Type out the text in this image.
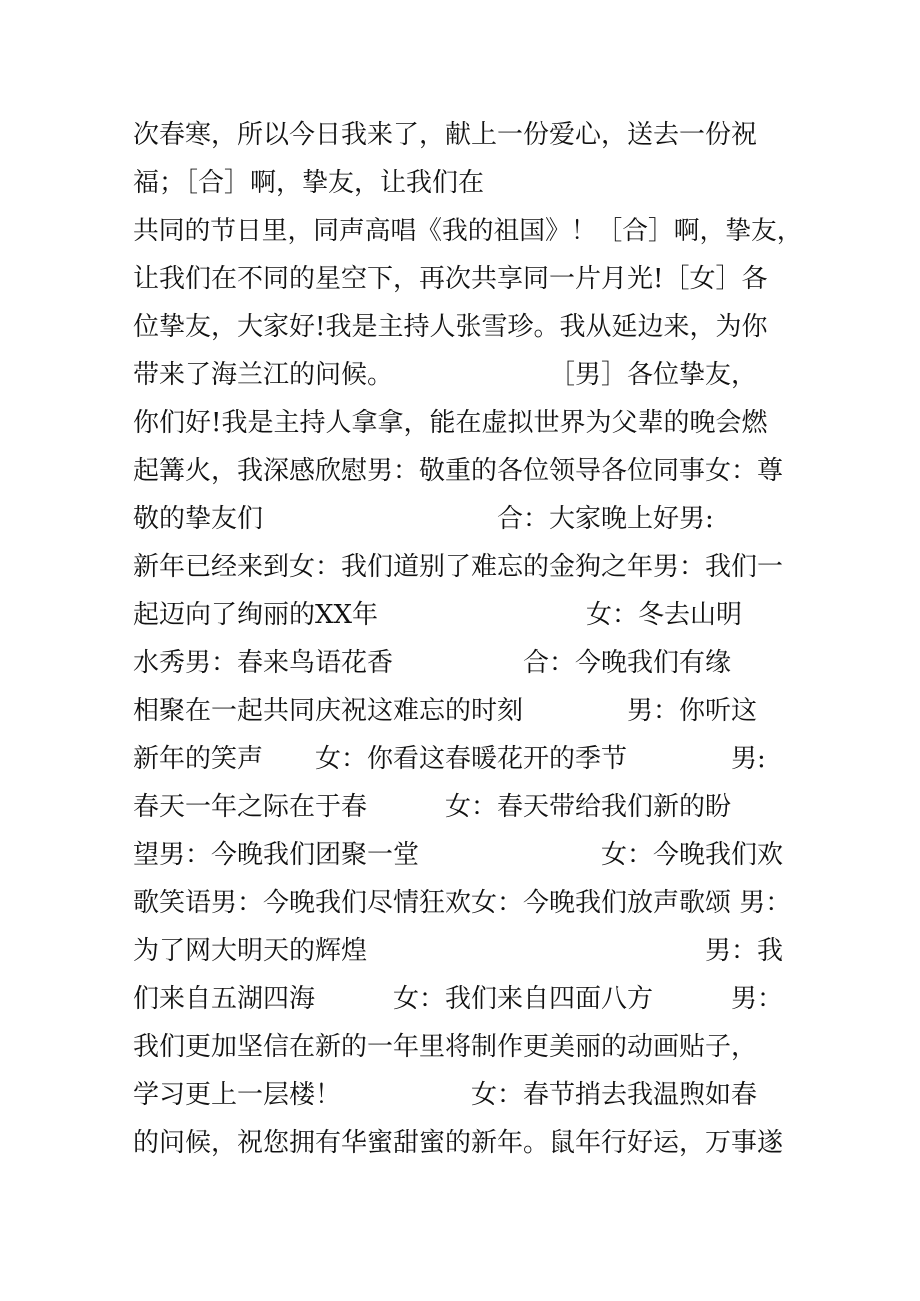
次春寒，所以今日我来了，献上一份爱心，送去一份祝
福；［合］啊，挚友，让我们在
共同的节日里，同声高唱《我的祖国》！［合］啊，挚友，
让我们在不同的星空下，再次共享同一片月光!［女］各
位挚友，大家好!我是主持人张雪珍。我从延边来，为你
带来了海兰江的问候。　　　　　　　［男］各位挚友，
你们好!我是主持人拿拿，能在虚拟世界为父辈的晚会燃
起篝火，我深感欣慰男：敬重的各位领导各位同事女：尊
敬的挚友们　　　　　　　　　合：大家晚上好男:
新年已经来到女：我们道别了难忘的金狗之年男：我们一
起迈向了绚丽的XX年　　　　　　　　女：冬去山明
水秀男：春来鸟语花香　　　　　合：今晚我们有缘
相聚在一起共同庆祝这难忘的时刻　　　　男：你听这
新年的笑声　　女：你看这春暖花开的季节　　　　男:
春天一年之际在于春　　　女：春天带给我们新的盼
望男：今晚我们团聚一堂　　　　　　　女：今晚我们欢
歌笑语男：今晚我们尽情狂欢女：今晚我们放声歌颂 男：
为了网大明天的辉煌　　　　　　　　　　　　　男：我
们来自五湖四海　　　女：我们来自四面八方　　　男：
我们更加坚信在新的一年里将制作更美丽的动画贴子，
学习更上一层楼！　　　　　女：春节捎去我温煦如春
的问候，祝您拥有华蜜甜蜜的新年。鼠年行好运，万事遂
